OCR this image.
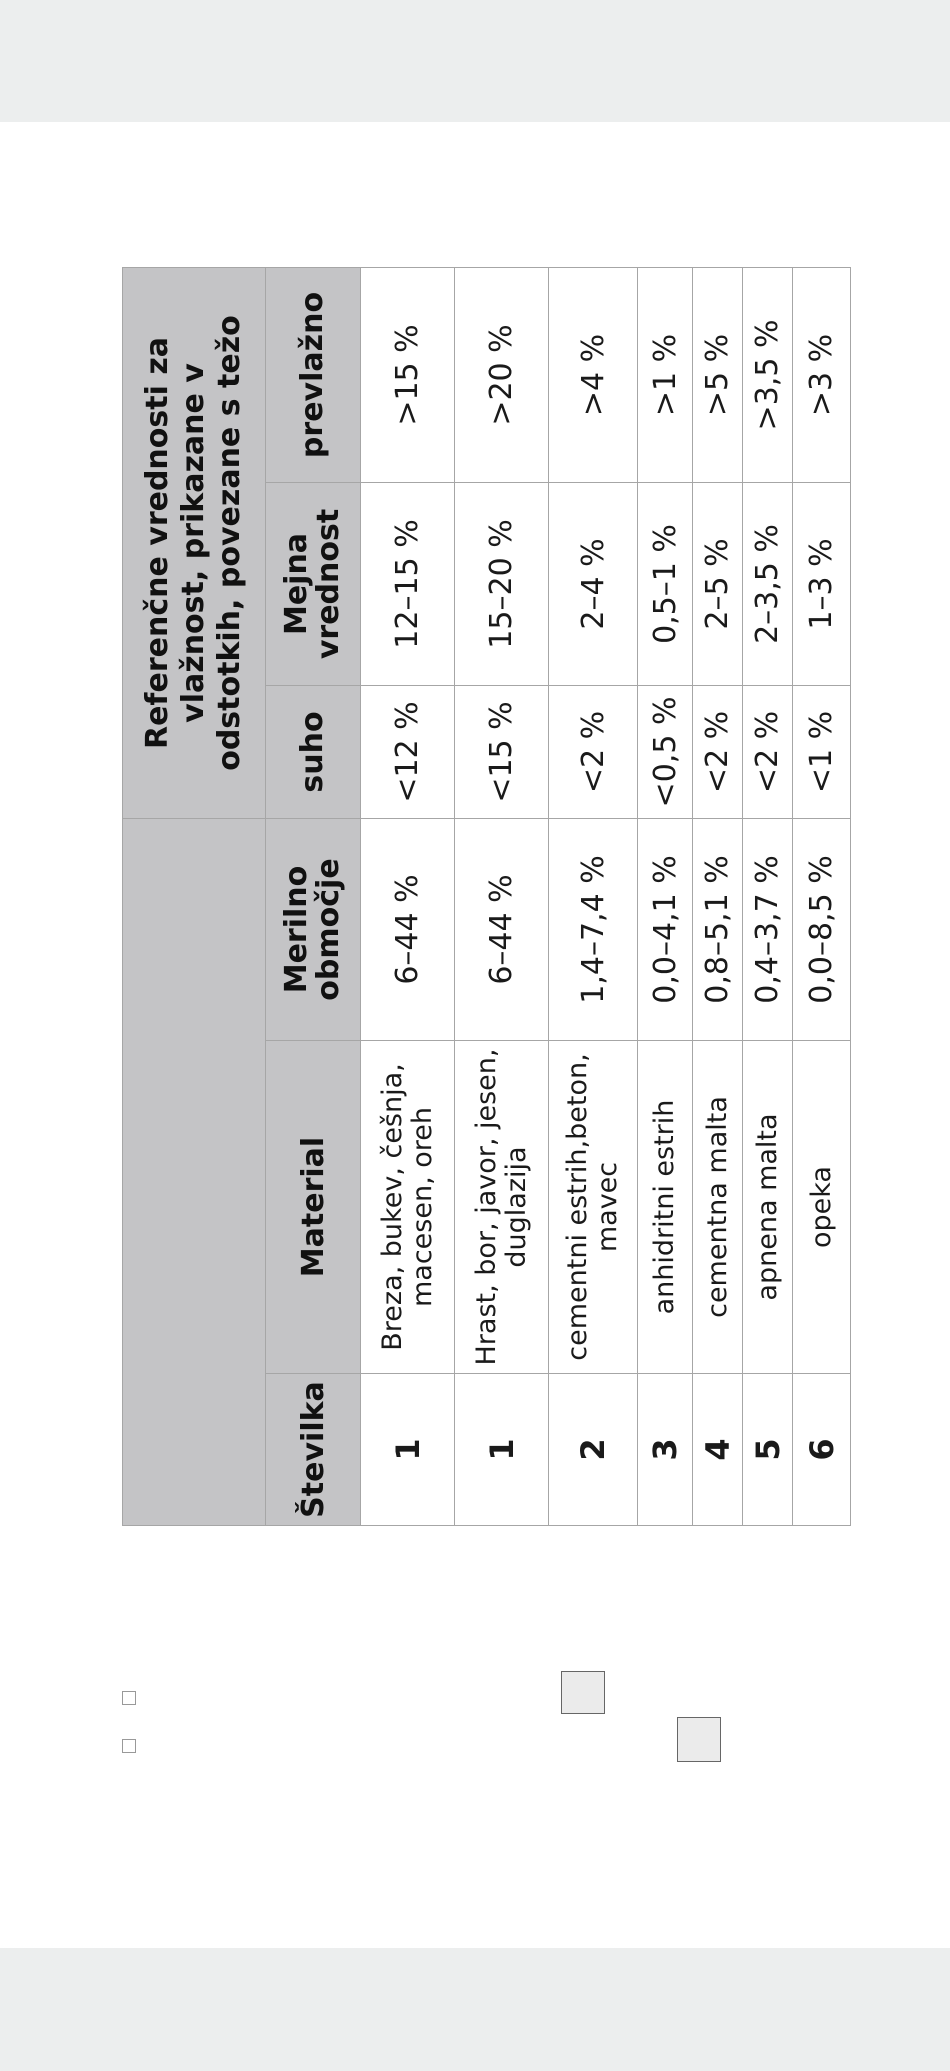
			Referenčne vrednosti za vlažnost, prikazane v odstotkih, povezane s težo		
Številka	Material	Merilno območje	suho	Mejna vrednost	prevlažno
1	Breza, bukev, češnja, macesen, oreh	6–44 %	<12 %	12–15 %	>15 %
1	Hrast, bor, javor, jesen, duglazija	6–44 %	<15 %	15–20 %	>20 %
2	cementni estrih,beton, mavec	1,4–7,4 %	<2 %	2–4 %	>4 %
3	anhidritni estrih	0,0–4,1 %	<0,5 %	0,5–1 %	>1 %
4	cementna malta	0,8–5,1 %	<2 %	2–5 %	>5 %
5	apnena malta	0,4–3,7 %	<2 %	2–3,5 %	>3,5 %
6	opeka	0,0–8,5 %	<1 %	1–3 %	>3 %
